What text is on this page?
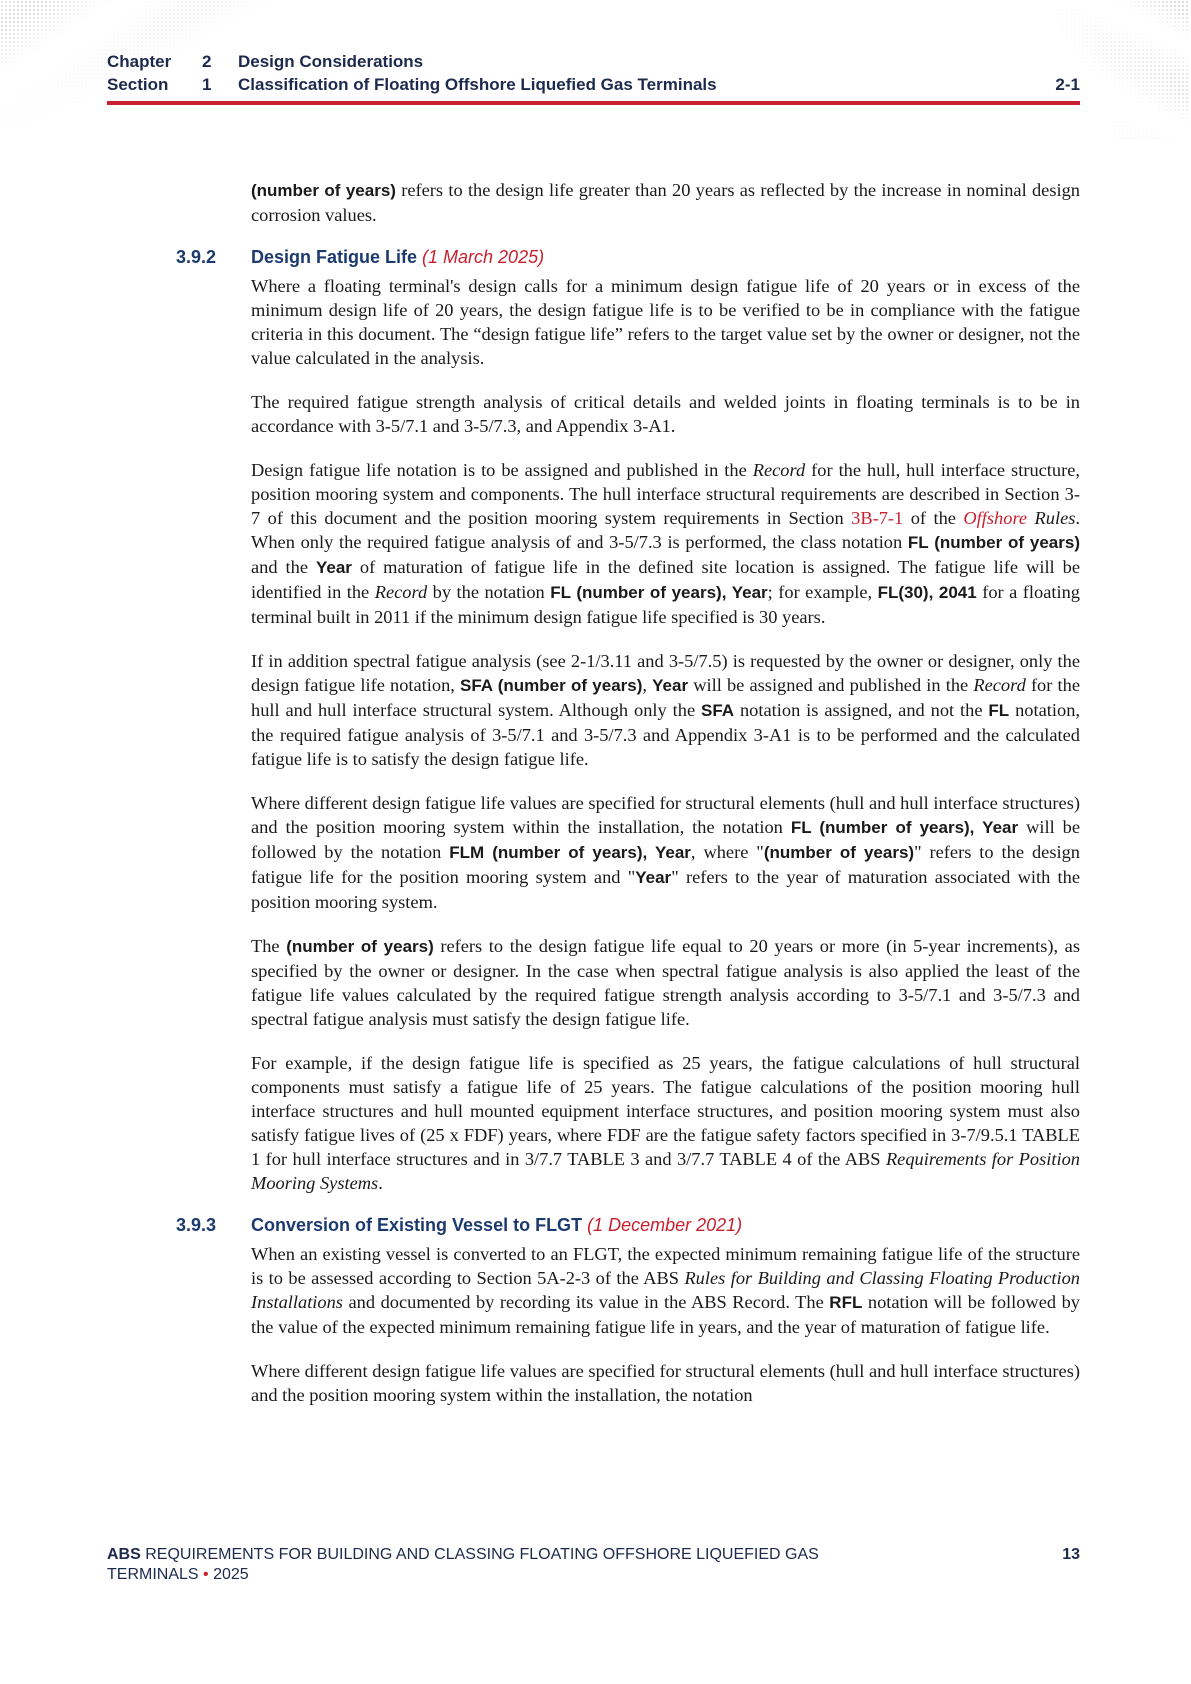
Chapter	2	Design Considerations
Section	1	Classification of Floating Offshore Liquefied Gas Terminals	2-1

(number of years) refers to the design life greater than 20 years as reflected by the increase in nominal design corrosion values.

3.9.2	Design Fatigue Life (1 March 2025)

Where a floating terminal's design calls for a minimum design fatigue life of 20 years or in excess of the minimum design life of 20 years, the design fatigue life is to be verified to be in compliance with the fatigue criteria in this document. The “design fatigue life” refers to the target value set by the owner or designer, not the value calculated in the analysis.

The required fatigue strength analysis of critical details and welded joints in floating terminals is to be in accordance with 3-5/7.1 and 3-5/7.3, and Appendix 3-A1.

Design fatigue life notation is to be assigned and published in the Record for the hull, hull interface structure, position mooring system and components. The hull interface structural requirements are described in Section 3-7 of this document and the position mooring system requirements in Section 3B-7-1 of the Offshore Rules. When only the required fatigue analysis of and 3-5/7.3 is performed, the class notation FL (number of years) and the Year of maturation of fatigue life in the defined site location is assigned. The fatigue life will be identified in the Record by the notation FL (number of years), Year; for example, FL(30), 2041 for a floating terminal built in 2011 if the minimum design fatigue life specified is 30 years.

If in addition spectral fatigue analysis (see 2-1/3.11 and 3-5/7.5) is requested by the owner or designer, only the design fatigue life notation, SFA (number of years), Year will be assigned and published in the Record for the hull and hull interface structural system. Although only the SFA notation is assigned, and not the FL notation, the required fatigue analysis of 3-5/7.1 and 3-5/7.3 and Appendix 3-A1 is to be performed and the calculated fatigue life is to satisfy the design fatigue life.

Where different design fatigue life values are specified for structural elements (hull and hull interface structures) and the position mooring system within the installation, the notation FL (number of years), Year will be followed by the notation FLM (number of years), Year, where "(number of years)" refers to the design fatigue life for the position mooring system and "Year" refers to the year of maturation associated with the position mooring system.

The (number of years) refers to the design fatigue life equal to 20 years or more (in 5-year increments), as specified by the owner or designer. In the case when spectral fatigue analysis is also applied the least of the fatigue life values calculated by the required fatigue strength analysis according to 3-5/7.1 and 3-5/7.3 and spectral fatigue analysis must satisfy the design fatigue life.

For example, if the design fatigue life is specified as 25 years, the fatigue calculations of hull structural components must satisfy a fatigue life of 25 years. The fatigue calculations of the position mooring hull interface structures and hull mounted equipment interface structures, and position mooring system must also satisfy fatigue lives of (25 x FDF) years, where FDF are the fatigue safety factors specified in 3-7/9.5.1 TABLE 1 for hull interface structures and in 3/7.7 TABLE 3 and 3/7.7 TABLE 4 of the ABS Requirements for Position Mooring Systems.

3.9.3	Conversion of Existing Vessel to FLGT (1 December 2021)

When an existing vessel is converted to an FLGT, the expected minimum remaining fatigue life of the structure is to be assessed according to Section 5A-2-3 of the ABS Rules for Building and Classing Floating Production Installations and documented by recording its value in the ABS Record. The RFL notation will be followed by the value of the expected minimum remaining fatigue life in years, and the year of maturation of fatigue life.

Where different design fatigue life values are specified for structural elements (hull and hull interface structures) and the position mooring system within the installation, the notation

ABS REQUIREMENTS FOR BUILDING AND CLASSING FLOATING OFFSHORE LIQUEFIED GAS TERMINALS • 2025
13
